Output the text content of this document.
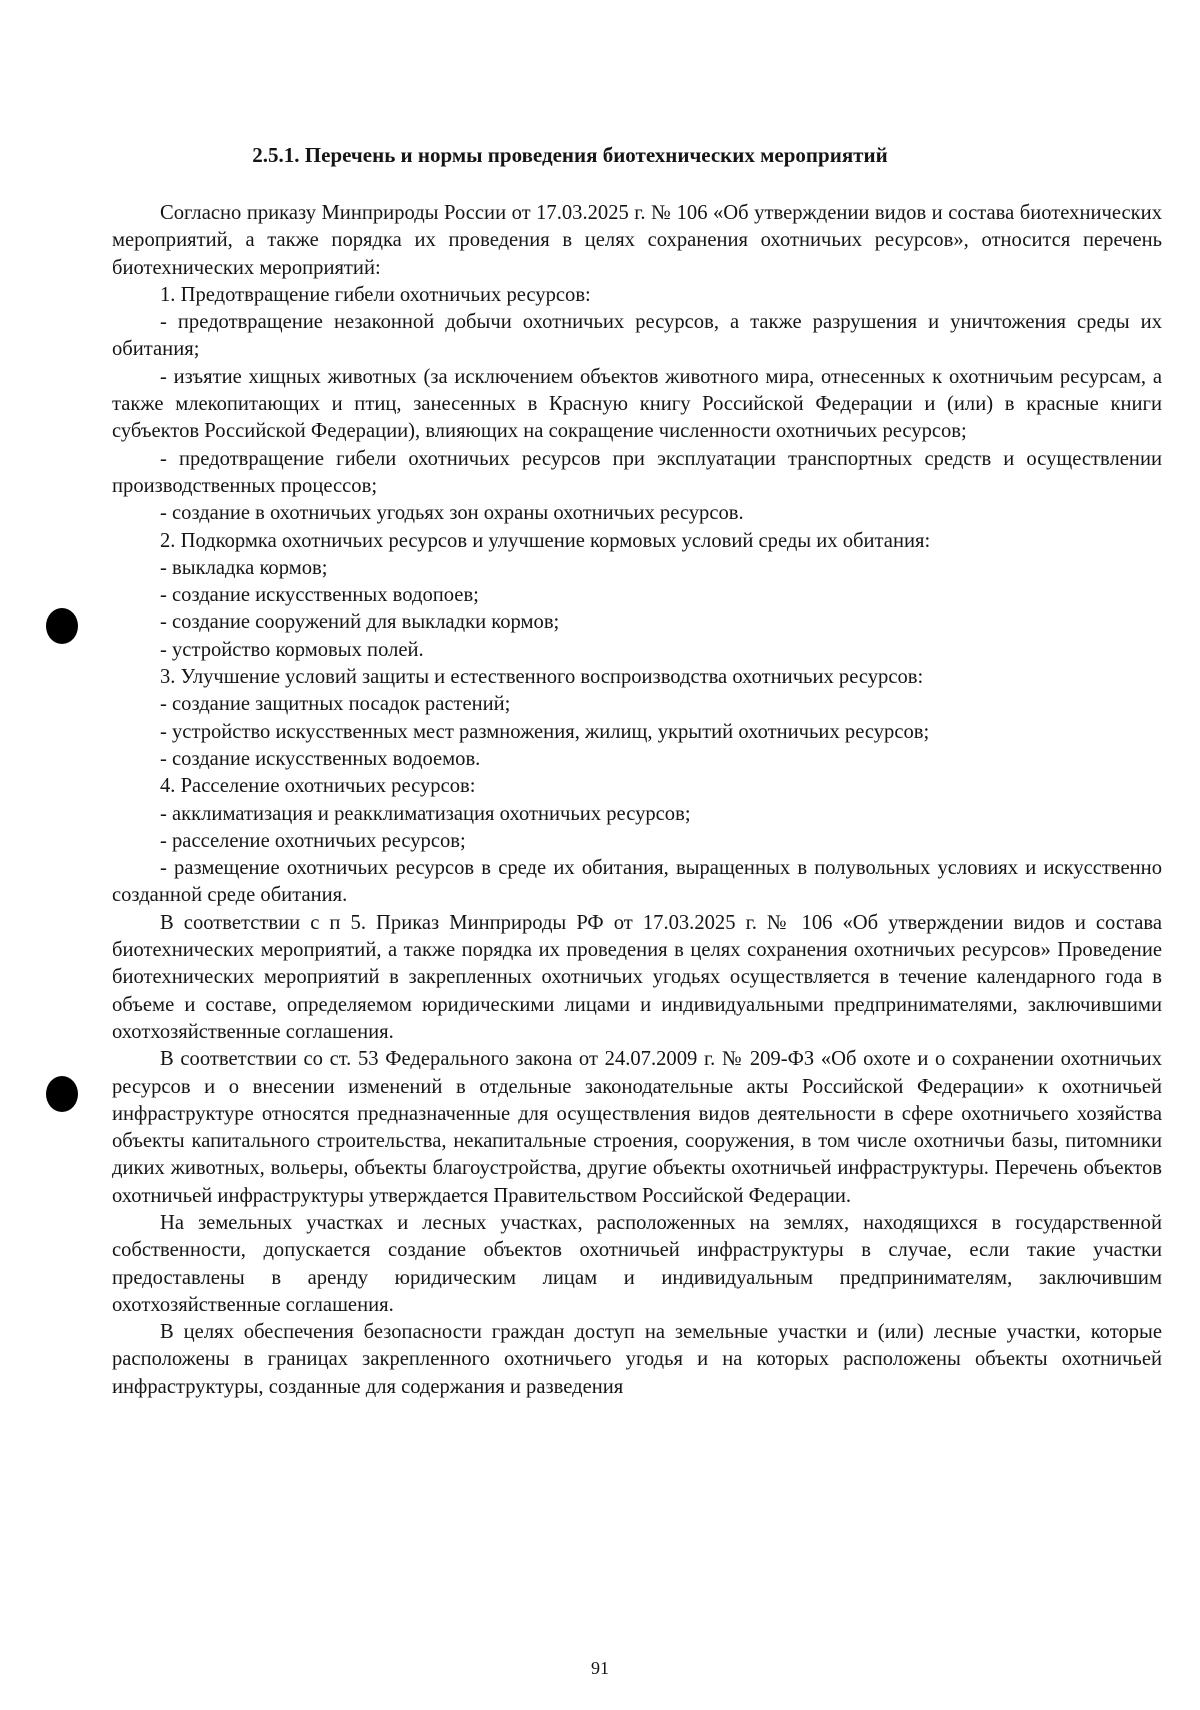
2.5.1. Перечень и нормы проведения биотехнических мероприятий

Согласно приказу Минприроды России от 17.03.2025 г. № 106 «Об утверждении видов и состава биотехнических мероприятий, а также порядка их проведения в целях сохранения охотничьих ресурсов», относится перечень биотехнических мероприятий:

1. Предотвращение гибели охотничьих ресурсов:

- предотвращение незаконной добычи охотничьих ресурсов, а также разрушения и уничтожения среды их обитания;

- изъятие хищных животных (за исключением объектов животного мира, отнесенных к охотничьим ресурсам, а также млекопитающих и птиц, занесенных в Красную книгу Российской Федерации и (или) в красные книги субъектов Российской Федерации), влияющих на сокращение численности охотничьих ресурсов;

- предотвращение гибели охотничьих ресурсов при эксплуатации транспортных средств и осуществлении производственных процессов;

- создание в охотничьих угодьях зон охраны охотничьих ресурсов.

2. Подкормка охотничьих ресурсов и улучшение кормовых условий среды их обитания:

- выкладка кормов;

- создание искусственных водопоев;

- создание сооружений для выкладки кормов;

- устройство кормовых полей.

3. Улучшение условий защиты и естественного воспроизводства охотничьих ресурсов:

- создание защитных посадок растений;

- устройство искусственных мест размножения, жилищ, укрытий охотничьих ресурсов;

- создание искусственных водоемов.

4. Расселение охотничьих ресурсов:

- акклиматизация и реакклиматизация охотничьих ресурсов;

- расселение охотничьих ресурсов;

- размещение охотничьих ресурсов в среде их обитания, выращенных в полувольных условиях и искусственно созданной среде обитания.

В соответствии с п 5. Приказ Минприроды РФ от 17.03.2025 г. № 106 «Об утверждении видов и состава биотехнических мероприятий, а также порядка их проведения в целях сохранения охотничьих ресурсов» Проведение биотехнических мероприятий в закрепленных охотничьих угодьях осуществляется в течение календарного года в объеме и составе, определяемом юридическими лицами и индивидуальными предпринимателями, заключившими охотхозяйственные соглашения.

В соответствии со ст. 53 Федерального закона от 24.07.2009 г. № 209-ФЗ «Об охоте и о сохранении охотничьих ресурсов и о внесении изменений в отдельные законодательные акты Российской Федерации» к охотничьей инфраструктуре относятся предназначенные для осуществления видов деятельности в сфере охотничьего хозяйства объекты капитального строительства, некапитальные строения, сооружения, в том числе охотничьи базы, питомники диких животных, вольеры, объекты благоустройства, другие объекты охотничьей инфраструктуры. Перечень объектов охотничьей инфраструктуры утверждается Правительством Российской Федерации.

На земельных участках и лесных участках, расположенных на землях, находящихся в государственной собственности, допускается создание объектов охотничьей инфраструктуры в случае, если такие участки предоставлены в аренду юридическим лицам и индивидуальным предпринимателям, заключившим охотхозяйственные соглашения.

В целях обеспечения безопасности граждан доступ на земельные участки и (или) лесные участки, которые расположены в границах закрепленного охотничьего угодья и на которых расположены объекты охотничьей инфраструктуры, созданные для содержания и разведения

91
